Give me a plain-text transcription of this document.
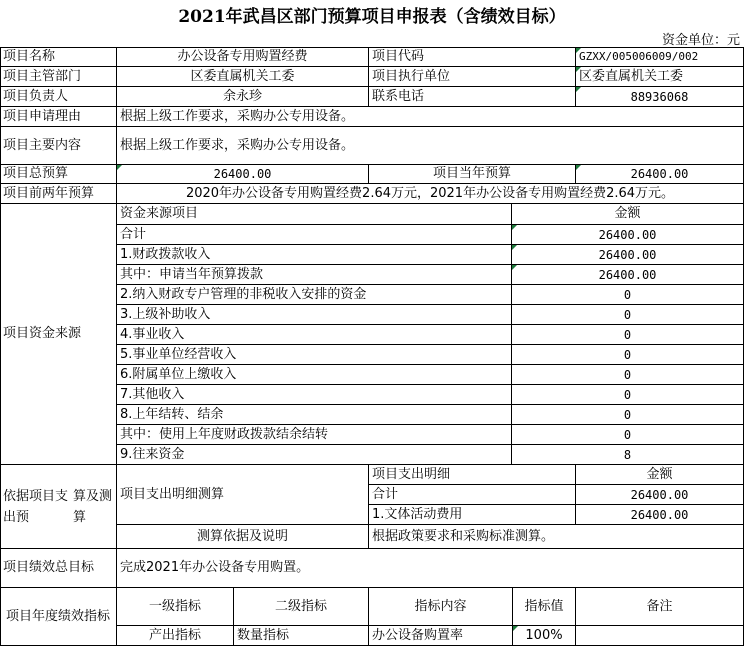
2021年武昌区部门预算项目申报表（含绩效目标）
资金单位：元
项目名称	办公设备专用购置经费	项目代码	GZXX/005006009/002
项目主管部门	区委直属机关工委	项目执行单位	区委直属机关工委
项目负责人	余永珍	联系电话	88936068
项目申请理由	根据上级工作要求，采购办公专用设备。
项目主要内容	根据上级工作要求，采购办公专用设备。
项目总预算	26400.00	项目当年预算	26400.00
项目前两年预算	2020年办公设备专用购置经费2.64万元，2021年办公设备专用购置经费2.64万元。
项目资金来源
资金来源项目	金额
合计	26400.00
1.财政拨款收入	26400.00
其中：申请当年预算拨款	26400.00
2.纳入财政专户管理的非税收入安排的资金	0
3.上级补助收入	0
4.事业收入	0
5.事业单位经营收入	0
6.附属单位上缴收入	0
7.其他收入	0
8.上年结转、结余	0
其中：使用上年度财政拨款结余结转	0
9.往来资金	8
依据项目支出预
算及测算
项目支出明细测算
项目支出明细	金额
合计	26400.00
1.文体活动费用	26400.00
测算依据及说明	根据政策要求和采购标准测算。
项目绩效总目标	完成2021年办公设备专用购置。
项目年度绩效指 标
一级指标	二级指标	指标内容	指标值	备注
产出指标	数量指标	办公设备购置率	100%
